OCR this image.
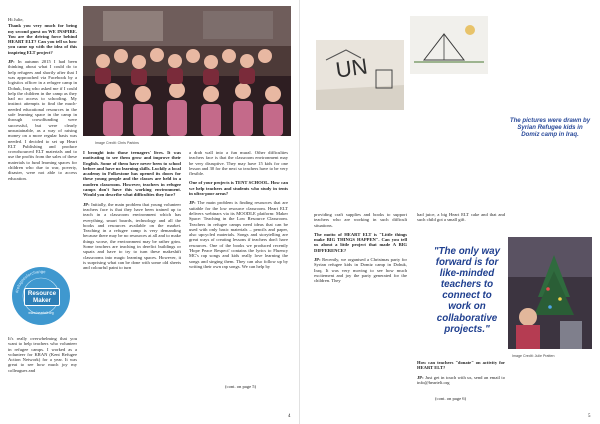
Hi Julie,

Thank you very much for being my second guest on WE INSPIRE. You are the driving force behind HEART ELT? Can you tell us how you came up with the idea of this inspiring ELT project?

JP: In autumn 2015 I had been thinking about what I could do to help refugees and shortly after that I was approached via Facebook by a logistics officer in a refugee camp in Dohuk, Iraq who asked me if I could help the children in the camp as they had no access to schooling. My instinct attempts to find the much-needed educational resources in the safe learning space in the camp in through crowdfunding were successful, but were clearly unsustainable, as a way of raising money on a more regular basis was needed. I decided to set up Heart ELT Publishing and produce crowdsourced ELT materials and to use the profits from the sales of these materials to fund learning spaces for children who due to war, poverty, disaster, were not able to access education.

#refugeesforchange
Resource Maker
www.heartelt.org

It's really overwhelming that you want to help teachers who volunteer in refugee camps. I worked as a volunteer for KRAN (Kent Refugee Action Network) for a year. It was great to see how much joy my colleagues and

Image Credit: Chris Parkins

I brought into those teenagers' lives. It was motivating to see them grow and improve their English. Some of them have never been to school before and have no learning skills. Luckily a local academy in Folkestone has opened its doors for these young people and the classes are held in a modern classroom. However, teachers in refugee camps don't have this working environment. Would you describe what difficulties they face?

JP: Initially, the main problem that young volunteer teachers face is that they have been trained up to teach in a classroom environment which has everything, smart boards, technology and all the books and resources available on the market. Teaching in a refugee camp is very demanding because there may be no resources at all and to make things worse, the environment may be rather grim. Some teachers are teaching in derelict buildings or squats and have to try to turn these makeshift classrooms into magic learning spaces. However, it is surprising what can be done with some old sheets and colourful paint to turn

a drab wall into a fun mural. Other difficulties teachers face is that the classroom environment may be very disruptive. They may have 15 kids for one lesson and 30 for the next so teachers have to be very flexible.

One of your projects is TENT SCHOOL. How can we help teachers and students who study in tents in ultra-poor areas?

JP: The main problem is finding resources that are suitable for the low resource classroom. Heart ELT delivers webinars via its MOODLE platform: Maker Space: Teaching in the Low Resource Classroom. Teachers in refugee camps need ideas that can be used with only basic materials – pencils and paper, also upcycled materials. Songs and storytelling are great ways of creating lessons if teachers don't have resources. One of the books we produced recently 'Hope Peace Respect' contains the lyrics to Fluency MC's rap songs and kids really love learning the songs and singing them. They can also follow up by writing their own rap songs. We can help by

(cont. on page 5)
4
UN
The pictures were drawn by Syrian Refugee kids in Domiz camp in Iraq.

providing craft supplies and books to support teachers who are working in such difficult situations.

The motto of HEART ELT is "Little things make BIG THINGS HAPPEN". Can you tell us about a little project that made A BIG DIFFERENCE?

JP: Recently, we organised a Christmas party for Syrian refugee kids in Domiz camp in Dohuk, Iraq. It was very moving to see how much excitement and joy the party generated for the children. They

had juice, a big Heart ELT cake and that and such child got a small gift.

"The only way forward is for like-minded teachers to connect to work on collaborative projects."

How can teachers "donate" on activity for HEART ELT?

JP: Just get in touch with us, send an email to info@heartelt.org

Image Credit: Julie Pratten
(cont. on page 6)
5
